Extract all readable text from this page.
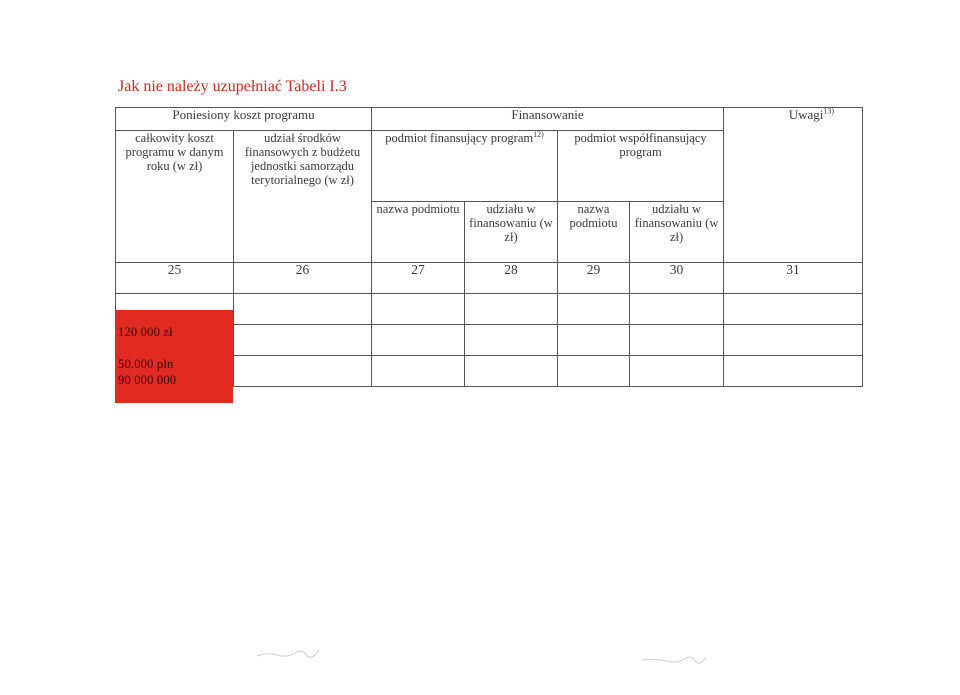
Jak nie należy uzupełniać Tabeli I.3
Poniesiony koszt programu		Finansowanie				Uwagi$^{13)}$
całkowity koszt programu w danym roku (w zł)	udział środków finansowych z budżetu jednostki samorządu terytorialnego (w zł)	podmiot finansujący program$^{12)}$		podmiot współfinansujący program		
		nazwa podmiotu	udziału w finansowaniu (w zł)	nazwa podmiotu	udziału w finansowaniu (w zł)	
25	26	27	28	29	30	31

120 000 zł
50.000 pln
90 000 000
